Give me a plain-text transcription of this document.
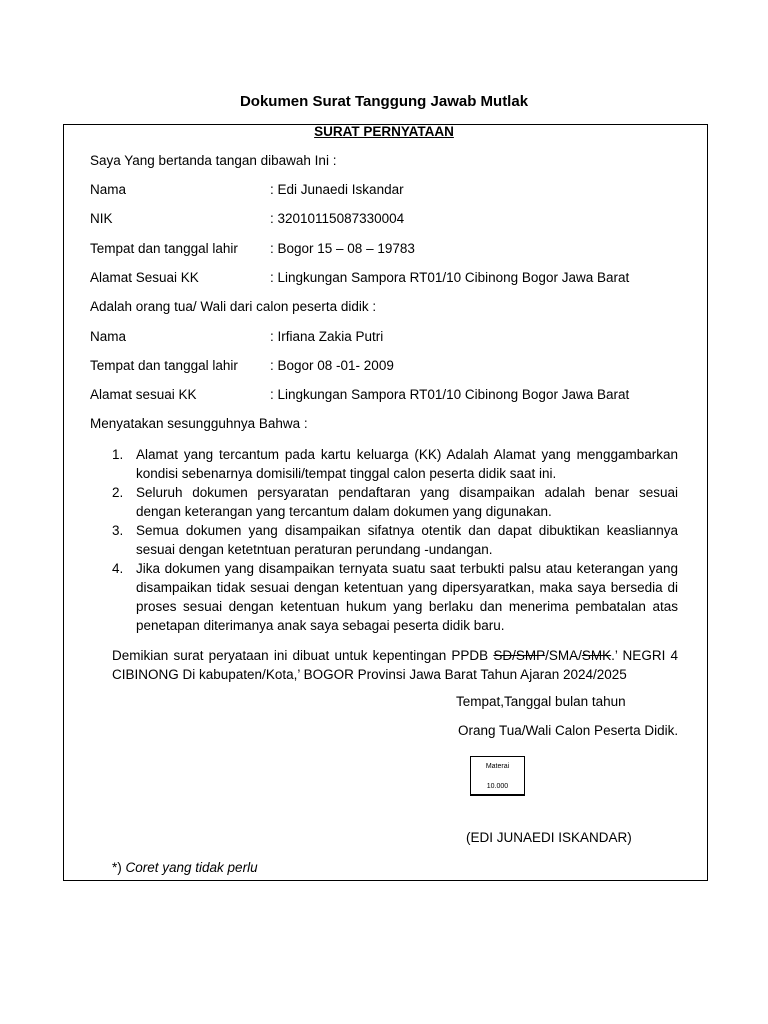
Dokumen Surat Tanggung Jawab Mutlak
SURAT PERNYATAAN
Saya Yang bertanda tangan dibawah Ini :
Nama	: Edi Junaedi Iskandar
NIK	: 32010115087330004
Tempat dan tanggal lahir : Bogor 15 – 08 – 19783
Alamat Sesuai KK	: Lingkungan Sampora RT01/10 Cibinong Bogor Jawa Barat
Adalah orang tua/ Wali dari calon peserta didik :
Nama	: Irfiana Zakia Putri
Tempat dan tanggal lahir : Bogor 08 -01- 2009
Alamat sesuai KK	: Lingkungan Sampora RT01/10 Cibinong Bogor Jawa Barat
Menyatakan sesungguhnya Bahwa :
1. Alamat yang tercantum pada kartu keluarga (KK) Adalah Alamat yang menggambarkan kondisi sebenarnya domisili/tempat tinggal calon peserta didik saat ini.
2. Seluruh dokumen persyaratan pendaftaran yang disampaikan adalah benar sesuai dengan keterangan yang tercantum dalam dokumen yang digunakan.
3. Semua dokumen yang disampaikan sifatnya otentik dan dapat dibuktikan keasliannya sesuai dengan ketetntuan peraturan perundang -undangan.
4. Jika dokumen yang disampaikan ternyata suatu saat terbukti palsu atau keterangan yang disampaikan tidak sesuai dengan ketentuan yang dipersyaratkan, maka saya bersedia di proses sesuai dengan ketentuan hukum yang berlaku dan menerima pembatalan atas penetapan diterimanya anak saya sebagai peserta didik baru.
Demikian surat peryataan ini dibuat untuk kepentingan PPDB SD/SMP/SMA/SMK.’ NEGRI 4 CIBINONG Di kabupaten/Kota,’ BOGOR Provinsi Jawa Barat Tahun Ajaran 2024/2025
Tempat,Tanggal bulan tahun
Orang Tua/Wali Calon Peserta Didik.
Materai
10.000
(EDI JUNAEDI ISKANDAR)
*) Coret yang tidak perlu
